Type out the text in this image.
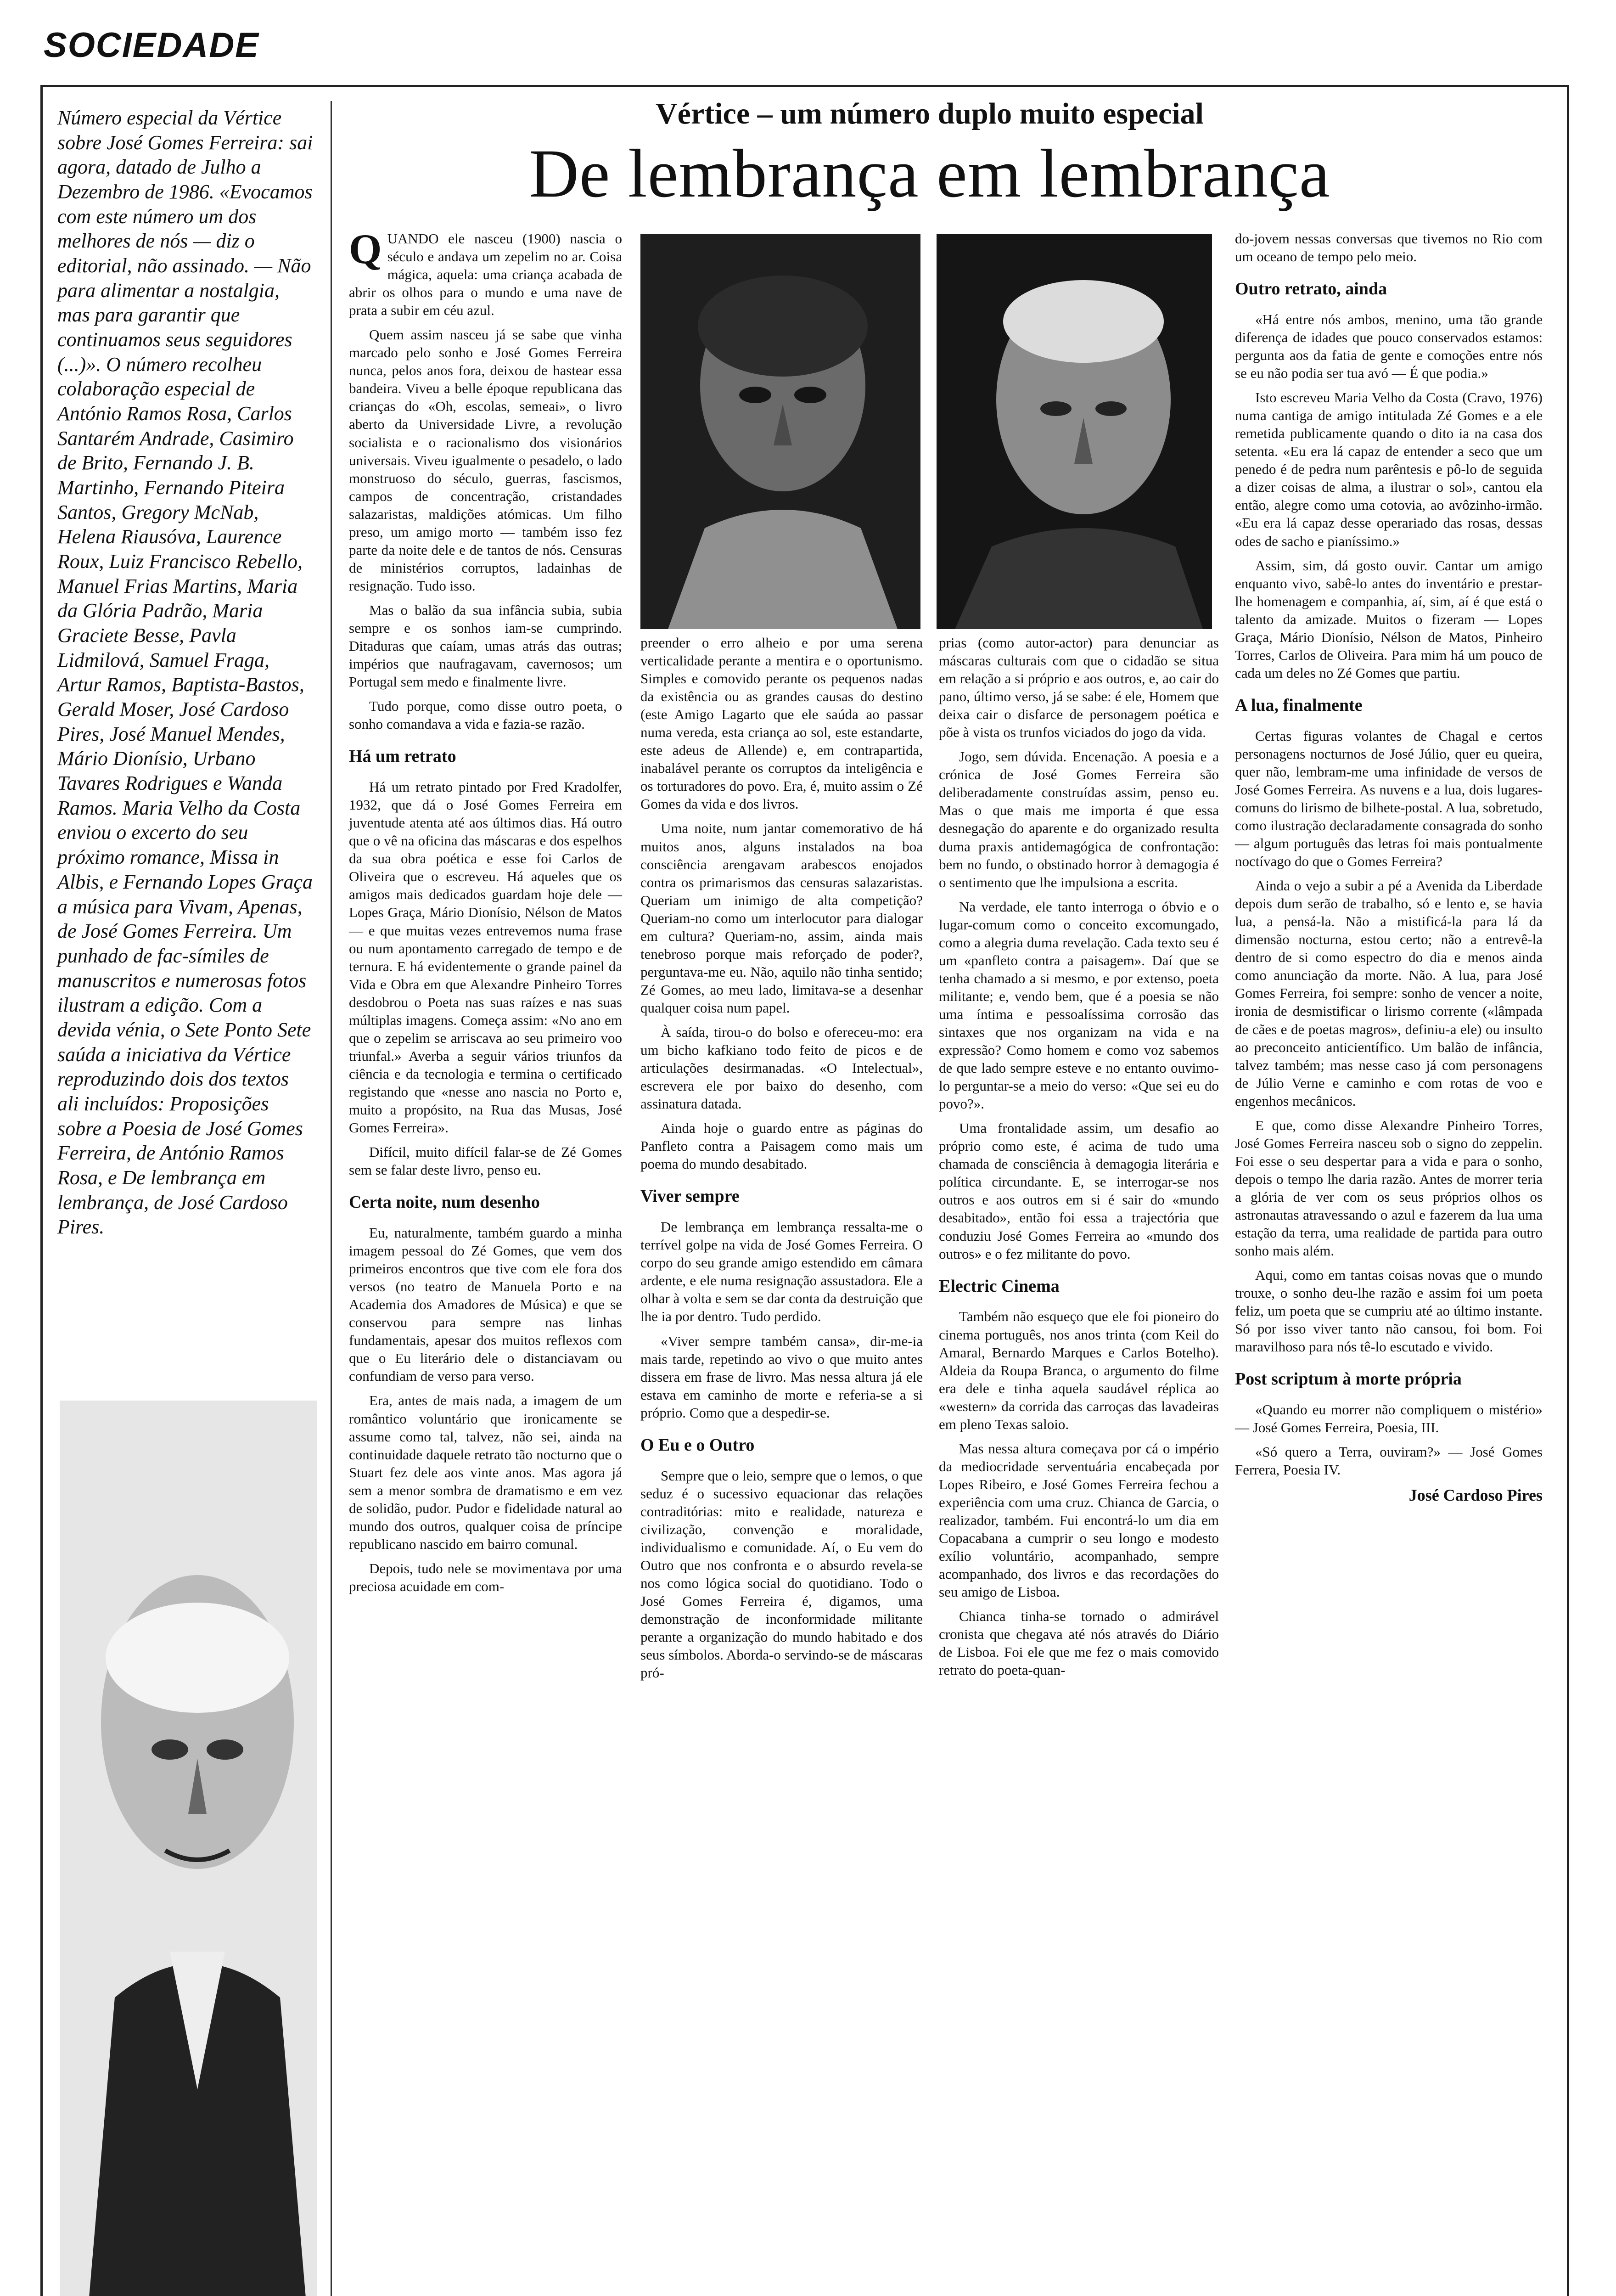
SOCIEDADE

Número especial da Vértice sobre José Gomes Ferreira: sai agora, datado de Julho a Dezembro de 1986. «Evocamos com este número um dos melhores de nós — diz o editorial, não assinado. — Não para alimentar a nostalgia, mas para garantir que continuamos seus seguidores (...)». O número recolheu colaboração especial de António Ramos Rosa, Carlos Santarém Andrade, Casimiro de Brito, Fernando J. B. Martinho, Fernando Piteira Santos, Gregory McNab, Helena Riausóva, Laurence Roux, Luiz Francisco Rebello, Manuel Frias Martins, Maria da Glória Padrão, Maria Graciete Besse, Pavla Lidmilová, Samuel Fraga, Artur Ramos, Baptista-Bastos, Gerald Moser, José Cardoso Pires, José Manuel Mendes, Mário Dionísio, Urbano Tavares Rodrigues e Wanda Ramos. Maria Velho da Costa enviou o excerto do seu próximo romance, Missa in Albis, e Fernando Lopes Graça a música para Vivam, Apenas, de José Gomes Ferreira. Um punhado de fac-símiles de manuscritos e numerosas fotos ilustram a edição. Com a devida vénia, o Sete Ponto Sete saúda a iniciativa da Vértice reproduzindo dois dos textos ali incluídos: Proposições sobre a Poesia de José Gomes Ferreira, de António Ramos Rosa, e De lembrança em lembrança, de José Cardoso Pires.

Vértice – um número duplo muito especial
De lembrança em lembrança

QUANDO ele nasceu (1900) nascia o século e andava um zepelim no ar. Coisa mágica, aquela: uma criança acabada de abrir os olhos para o mundo e uma nave de prata a subir em céu azul.

Quem assim nasceu já se sabe que vinha marcado pelo sonho e José Gomes Ferreira nunca, pelos anos fora, deixou de hastear essa bandeira. Viveu a belle époque republicana das crianças do «Oh, escolas, semeai», o livro aberto da Universidade Livre, a revolução socialista e o racionalismo dos visionários universais. Viveu igualmente o pesadelo, o lado monstruoso do século, guerras, fascismos, campos de concentração, cristandades salazaristas, maldições atómicas. Um filho preso, um amigo morto — também isso fez parte da noite dele e de tantos de nós. Censuras de ministérios corruptos, ladainhas de resignação. Tudo isso.

Mas o balão da sua infância subia, subia sempre e os sonhos iam-se cumprindo. Ditaduras que caíam, umas atrás das outras; impérios que naufragavam, cavernosos; um Portugal sem medo e finalmente livre.

Tudo porque, como disse outro poeta, o sonho comandava a vida e fazia-se razão.

Há um retrato

Há um retrato pintado por Fred Kradolfer, 1932, que dá o José Gomes Ferreira em juventude atenta até aos últimos dias. Há outro que o vê na oficina das máscaras e dos espelhos da sua obra poética e esse foi Carlos de Oliveira que o escreveu. Há aqueles que os amigos mais dedicados guardam hoje dele — Lopes Graça, Mário Dionísio, Nélson de Matos — e que muitas vezes entrevemos numa frase ou num apontamento carregado de tempo e de ternura. E há evidentemente o grande painel da Vida e Obra em que Alexandre Pinheiro Torres desdobrou o Poeta nas suas raízes e nas suas múltiplas imagens. Começa assim: «No ano em que o zepelim se arriscava ao seu primeiro voo triunfal.» Averba a seguir vários triunfos da ciência e da tecnologia e termina o certificado registando que «nesse ano nascia no Porto e, muito a propósito, na Rua das Musas, José Gomes Ferreira».

Difícil, muito difícil falar-se de Zé Gomes sem se falar deste livro, penso eu.

Certa noite, num desenho

Eu, naturalmente, também guardo a minha imagem pessoal do Zé Gomes, que vem dos primeiros encontros que tive com ele fora dos versos (no teatro de Manuela Porto e na Academia dos Amadores de Música) e que se conservou para sempre nas linhas fundamentais, apesar dos muitos reflexos com que o Eu literário dele o distanciavam ou confundiam de verso para verso.

Era, antes de mais nada, a imagem de um romântico voluntário que ironicamente se assume como tal, talvez, não sei, ainda na continuidade daquele retrato tão nocturno que o Stuart fez dele aos vinte anos. Mas agora já sem a menor sombra de dramatismo e em vez de solidão, pudor. Pudor e fidelidade natural ao mundo dos outros, qualquer coisa de príncipe republicano nascido em bairro comunal.

Depois, tudo nele se movimentava por uma preciosa acuidade em com-

preender o erro alheio e por uma serena verticalidade perante a mentira e o oportunismo. Simples e comovido perante os pequenos nadas da existência ou as grandes causas do destino (este Amigo Lagarto que ele saúda ao passar numa vereda, esta criança ao sol, este estandarte, este adeus de Allende) e, em contrapartida, inabalável perante os corruptos da inteligência e os torturadores do povo. Era, é, muito assim o Zé Gomes da vida e dos livros.

Uma noite, num jantar comemorativo de há muitos anos, alguns instalados na boa consciência arengavam arabescos enojados contra os primarismos das censuras salazaristas. Queriam um inimigo de alta competição? Queriam-no como um interlocutor para dialogar em cultura? Queriam-no, assim, ainda mais tenebroso porque mais reforçado de poder?, perguntava-me eu. Não, aquilo não tinha sentido; Zé Gomes, ao meu lado, limitava-se a desenhar qualquer coisa num papel.

À saída, tirou-o do bolso e ofereceu-mo: era um bicho kafkiano todo feito de picos e de articulações desirmanadas. «O Intelectual», escrevera ele por baixo do desenho, com assinatura datada.

Ainda hoje o guardo entre as páginas do Panfleto contra a Paisagem como mais um poema do mundo desabitado.

Viver sempre

De lembrança em lembrança ressalta-me o terrível golpe na vida de José Gomes Ferreira. O corpo do seu grande amigo estendido em câmara ardente, e ele numa resignação assustadora. Ele a olhar à volta e sem se dar conta da destruição que lhe ia por dentro. Tudo perdido.

«Viver sempre também cansa», dir-me-ia mais tarde, repetindo ao vivo o que muito antes dissera em frase de livro. Mas nessa altura já ele estava em caminho de morte e referia-se a si próprio. Como que a despedir-se.

O Eu e o Outro

Sempre que o leio, sempre que o lemos, o que seduz é o sucessivo equacionar das relações contraditórias: mito e realidade, natureza e civilização, convenção e moralidade, individualismo e comunidade. Aí, o Eu vem do Outro que nos confronta e o absurdo revela-se nos como lógica social do quotidiano. Todo o José Gomes Ferreira é, digamos, uma demonstração de inconformidade militante perante a organização do mundo habitado e dos seus símbolos. Aborda-o servindo-se de máscaras pró-

prias (como autor-actor) para denunciar as máscaras culturais com que o cidadão se situa em relação a si próprio e aos outros, e, ao cair do pano, último verso, já se sabe: é ele, Homem que deixa cair o disfarce de personagem poética e põe à vista os trunfos viciados do jogo da vida.

Jogo, sem dúvida. Encenação. A poesia e a crónica de José Gomes Ferreira são deliberadamente construídas assim, penso eu. Mas o que mais me importa é que essa desnegação do aparente e do organizado resulta duma praxis antidemagógica de confrontação: bem no fundo, o obstinado horror à demagogia é o sentimento que lhe impulsiona a escrita.

Na verdade, ele tanto interroga o óbvio e o lugar-comum como o conceito excomungado, como a alegria duma revelação. Cada texto seu é um «panfleto contra a paisagem». Daí que se tenha chamado a si mesmo, e por extenso, poeta militante; e, vendo bem, que é a poesia se não uma íntima e pessoalíssima corrosão das sintaxes que nos organizam na vida e na expressão? Como homem e como voz sabemos de que lado sempre esteve e no entanto ouvimo-lo perguntar-se a meio do verso: «Que sei eu do povo?».

Uma frontalidade assim, um desafio ao próprio como este, é acima de tudo uma chamada de consciência à demagogia literária e política circundante. E, se interrogar-se nos outros e aos outros em si é sair do «mundo desabitado», então foi essa a trajectória que conduziu José Gomes Ferreira ao «mundo dos outros» e o fez militante do povo.

Electric Cinema

Também não esqueço que ele foi pioneiro do cinema português, nos anos trinta (com Keil do Amaral, Bernardo Marques e Carlos Botelho). Aldeia da Roupa Branca, o argumento do filme era dele e tinha aquela saudável réplica ao «western» da corrida das carroças das lavadeiras em pleno Texas saloio.

Mas nessa altura começava por cá o império da mediocridade serventuária encabeçada por Lopes Ribeiro, e José Gomes Ferreira fechou a experiência com uma cruz. Chianca de Garcia, o realizador, também. Fui encontrá-lo um dia em Copacabana a cumprir o seu longo e modesto exílio voluntário, acompanhado, sempre acompanhado, dos livros e das recordações do seu amigo de Lisboa.

Chianca tinha-se tornado o admirável cronista que chegava até nós através do Diário de Lisboa. Foi ele que me fez o mais comovido retrato do poeta-quan-

do-jovem nessas conversas que tivemos no Rio com um oceano de tempo pelo meio.

Outro retrato, ainda

«Há entre nós ambos, menino, uma tão grande diferença de idades que pouco conservados estamos: pergunta aos da fatia de gente e comoções entre nós se eu não podia ser tua avó — É que podia.»

Isto escreveu Maria Velho da Costa (Cravo, 1976) numa cantiga de amigo intitulada Zé Gomes e a ele remetida publicamente quando o dito ia na casa dos setenta. «Eu era lá capaz de entender a seco que um penedo é de pedra num parêntesis e pô-lo de seguida a dizer coisas de alma, a ilustrar o sol», cantou ela então, alegre como uma cotovia, ao avôzinho-irmão. «Eu era lá capaz desse operariado das rosas, dessas odes de sacho e pianíssimo.»

Assim, sim, dá gosto ouvir. Cantar um amigo enquanto vivo, sabê-lo antes do inventário e prestar-lhe homenagem e companhia, aí, sim, aí é que está o talento da amizade. Muitos o fizeram — Lopes Graça, Mário Dionísio, Nélson de Matos, Pinheiro Torres, Carlos de Oliveira. Para mim há um pouco de cada um deles no Zé Gomes que partiu.

A lua, finalmente

Certas figuras volantes de Chagal e certos personagens nocturnos de José Júlio, quer eu queira, quer não, lembram-me uma infinidade de versos de José Gomes Ferreira. As nuvens e a lua, dois lugares-comuns do lirismo de bilhete-postal. A lua, sobretudo, como ilustração declaradamente consagrada do sonho — algum português das letras foi mais pontualmente noctívago do que o Gomes Ferreira?

Ainda o vejo a subir a pé a Avenida da Liberdade depois dum serão de trabalho, só e lento e, se havia lua, a pensá-la. Não a mistificá-la para lá da dimensão nocturna, estou certo; não a entrevê-la dentro de si como espectro do dia e menos ainda como anunciação da morte. Não. A lua, para José Gomes Ferreira, foi sempre: sonho de vencer a noite, ironia de desmistificar o lirismo corrente («lâmpada de cães e de poetas magros», definiu-a ele) ou insulto ao preconceito anticientífico. Um balão de infância, talvez também; mas nesse caso já com personagens de Júlio Verne e caminho e com rotas de voo e engenhos mecânicos.

E que, como disse Alexandre Pinheiro Torres, José Gomes Ferreira nasceu sob o signo do zeppelin. Foi esse o seu despertar para a vida e para o sonho, depois o tempo lhe daria razão. Antes de morrer teria a glória de ver com os seus próprios olhos os astronautas atravessando o azul e fazerem da lua uma estação da terra, uma realidade de partida para outro sonho mais além.

Aqui, como em tantas coisas novas que o mundo trouxe, o sonho deu-lhe razão e assim foi um poeta feliz, um poeta que se cumpriu até ao último instante. Só por isso viver tanto não cansou, foi bom. Foi maravilhoso para nós tê-lo escutado e vivido.

Post scriptum à morte própria

«Quando eu morrer não compliquem o mistério» — José Gomes Ferreira, Poesia, III.

«Só quero a Terra, ouviram?» — José Gomes Ferrera, Poesia IV.

José Cardoso Pires
